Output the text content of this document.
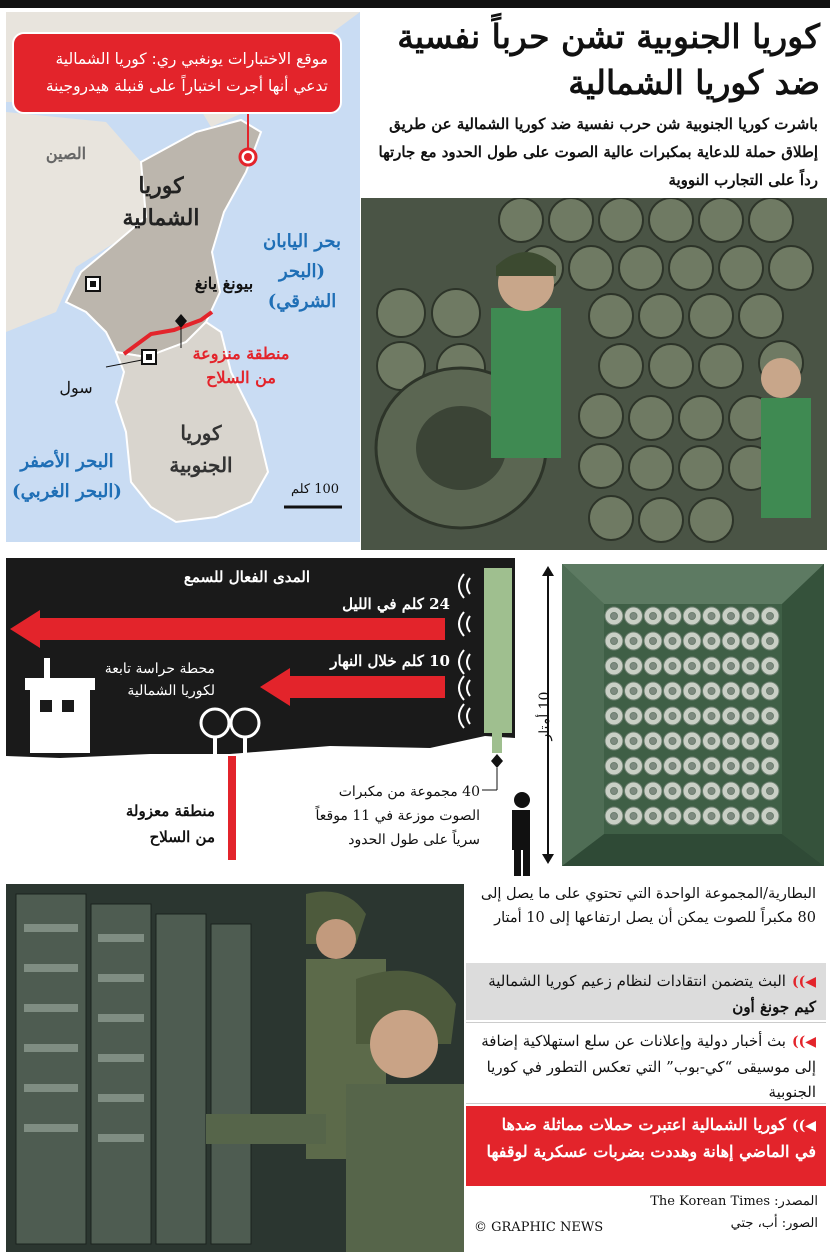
موقع الاختبارات يونغبي ري: كوريا الشمالية تدعي أنها أجرت اختباراً على قنبلة هيدروجينة
الصين
كوريا الشمالية
بيونغ يانغ
منطقة منزوعة من السلاح
سول
كوريا الجنوبية
بحر اليابان (البحر الشرقي)
البحر الأصفر (البحر الغربي)	100 كلم
كوريا الجنوبية تشن حرباً نفسية ضد كوريا الشمالية
باشرت كوريا الجنوبية شن حرب نفسية ضد كوريا الشمالية عن طريق إطلاق حملة للدعاية بمكبرات عالية الصوت على طول الحدود مع جارتها رداً على التجارب النووية
المدى الفعال للسمع
24 كلم في الليل
10 كلم خلال النهار
محطة حراسة تابعة لكوريا الشمالية
منطقة معزولة من السلاح
40 مجموعة من مكبرات الصوت موزعة في 11 موقعاً سرياً على طول الحدود
10 أمتار
البطارية/المجموعة الواحدة التي تحتوي على ما يصل إلى 80 مكبراً للصوت يمكن أن يصل ارتفاعها إلى 10 أمتار
◀))البث يتضمن انتقادات لنظام زعيم كوريا الشمالية كيم جونغ أون
◀))بث أخبار دولية وإعلانات عن سلع استهلاكية إضافة إلى موسيقى “كي-بوب” التي تعكس التطور في كوريا الجنوبية
◀))كوريا الشمالية اعتبرت حملات مماثلة ضدها في الماضي إهانة وهددت بضربات عسكرية لوقفها
المصدر: The Korean Times
الصور: أب، جتي
© GRAPHIC NEWS
